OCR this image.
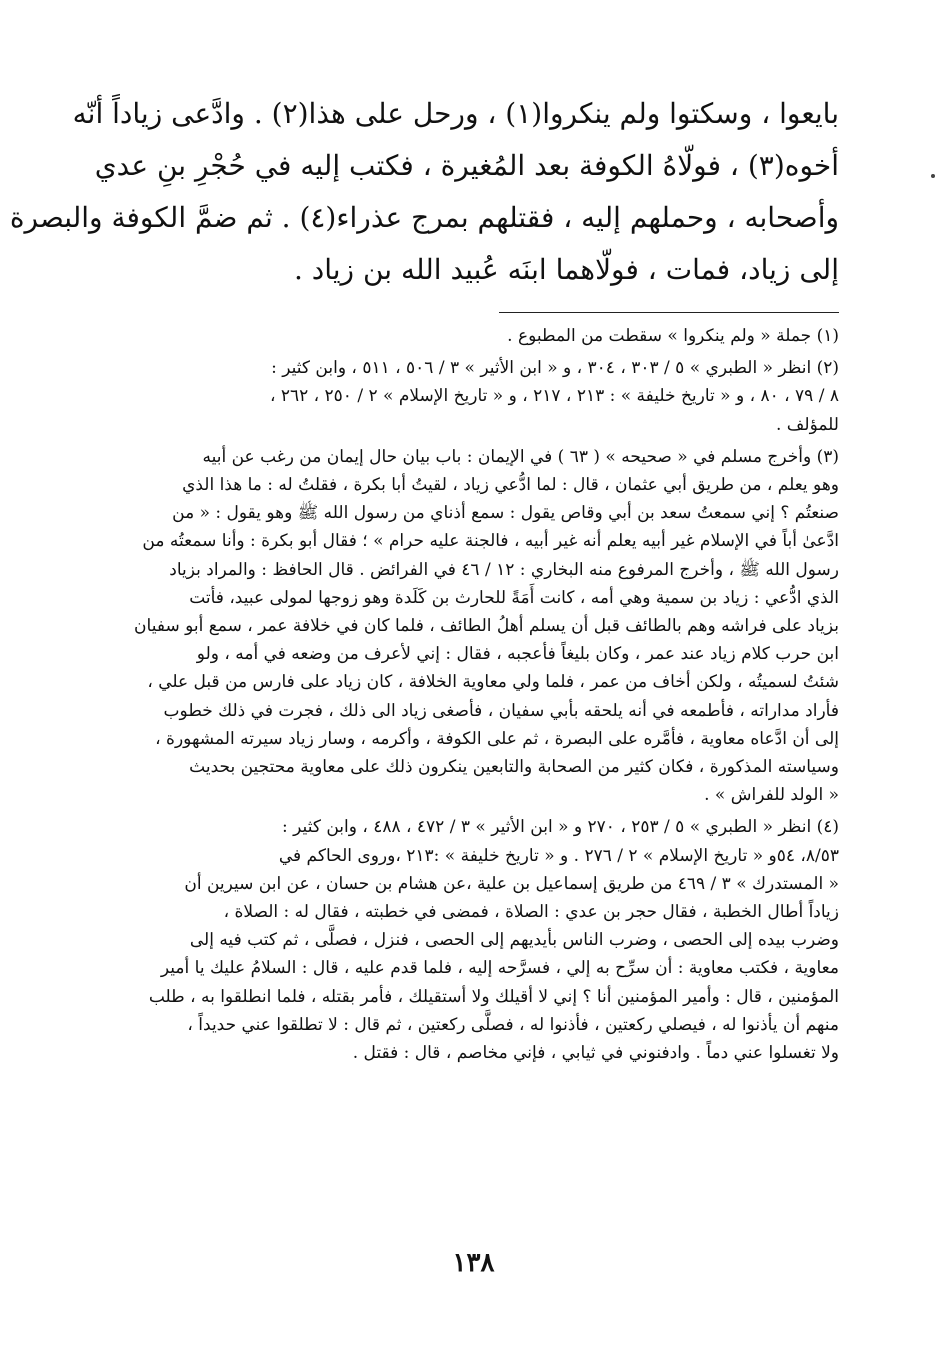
بايعوا ، وسكتوا ولم ينكروا(١) ، ورحل على هذا(٢) . وادَّعى زياداً أنّه
أخوه(٣) ، فولّاهُ الكوفة بعد المُغيرة ، فكتب إليه في حُجْرِ بنِ عدي
وأصحابه ، وحملهم إليه ، فقتلهم بمرج عذراء(٤) . ثم ضمَّ الكوفة والبصرة
إلى زياد، فمات ، فولّاهما ابنَه عُبيد الله بن زياد .
(١) جملة « ولم ينكروا » سقطت من المطبوع .
(٢) انظر « الطبري » ٥ / ٣٠٣ ، ٣٠٤ ، و « ابن الأثير » ٣ / ٥٠٦ ، ٥١١ ، وابن كثير :
٨ / ٧٩ ، ٨٠ ، و « تاريخ خليفة » : ٢١٣ ، ٢١٧ ، و « تاريخ الإسلام » ٢ / ٢٥٠ ، ٢٦٢ ،
للمؤلف .
(٣) وأخرج مسلم في « صحيحه » ( ٦٣ ) في الإيمان : باب بيان حال إيمان من رغب عن أبيه
وهو يعلم ، من طريق أبي عثمان ، قال : لما ادُّعي زياد ، لقيتُ أبا بكرة ، فقلتُ له : ما هذا الذي
صنعتُم ؟ إني سمعتُ سعد بن أبي وقاص يقول : سمع أذناي من رسول الله ﷺ وهو يقول : « من
ادَّعىٰ أباً في الإسلام غير أبيه يعلم أنه غير أبيه ، فالجنة عليه حرام » ؛ فقال أبو بكرة : وأنا سمعتُه من
رسول الله ﷺ ، وأخرج المرفوع منه البخاري : ١٢ / ٤٦ في الفرائض . قال الحافظ : والمراد بزياد
الذي ادُّعي : زياد بن سمية وهي أمه ، كانت أَمَةً للحارث بن كَلَدة وهو زوجها لمولى عبيد، فأتت
بزياد على فراشه وهم بالطائف قبل أن يسلم أهلُ الطائف ، فلما كان في خلافة عمر ، سمع أبو سفيان
ابن حرب كلام زياد عند عمر ، وكان بليغاً فأعجبه ، فقال : إني لأعرف من وضعه في أمه ، ولو
شئتُ لسميتُه ، ولكن أخاف من عمر ، فلما ولي معاوية الخلافة ، كان زياد على فارس من قبل علي ،
فأراد مداراته ، فأطمعه في أنه يلحقه بأبي سفيان ، فأصغى زياد الى ذلك ، فجرت في ذلك خطوب
إلى أن ادَّعاه معاوية ، فأمَّره على البصرة ، ثم على الكوفة ، وأكرمه ، وسار زياد سيرته المشهورة ،
وسياسته المذكورة ، فكان كثير من الصحابة والتابعين ينكرون ذلك على معاوية محتجين بحديث
« الولد للفراش » .
(٤) انظر « الطبري » ٥ / ٢٥٣ ، ٢٧٠ و « ابن الأثير » ٣ / ٤٧٢ ، ٤٨٨ ، وابن كثير :
٨/٥٣، ٥٤و « تاريخ الإسلام » ٢ / ٢٧٦ . و « تاريخ خليفة » :٢١٣ ،وروى الحاكم في
« المستدرك » ٣ / ٤٦٩ من طريق إسماعيل بن علية ،عن هشام بن حسان ، عن ابن سيرين أن
زياداً أطال الخطبة ، فقال حجر بن عدي : الصلاة ، فمضى في خطبته ، فقال له : الصلاة ،
وضرب بيده إلى الحصى ، وضرب الناس بأيديهم إلى الحصى ، فنزل ، فصلَّى ، ثم كتب فيه إلى
معاوية ، فكتب معاوية : أن سرِّح به إلي ، فسرَّحه إليه ، فلما قدم عليه ، قال : السلامُ عليك يا أمير
المؤمنين ، قال : وأمير المؤمنين أنا ؟ إني لا أقيلك ولا أستقيلك ، فأمر بقتله ، فلما انطلقوا به ، طلب
منهم أن يأذنوا له ، فيصلي ركعتين ، فأذنوا له ، فصلَّى ركعتين ، ثم قال : لا تطلقوا عني حديداً ،
ولا تغسلوا عني دماً . وادفنوني في ثيابي ، فإني مخاصم ، قال : فقتل .
١٣٨
